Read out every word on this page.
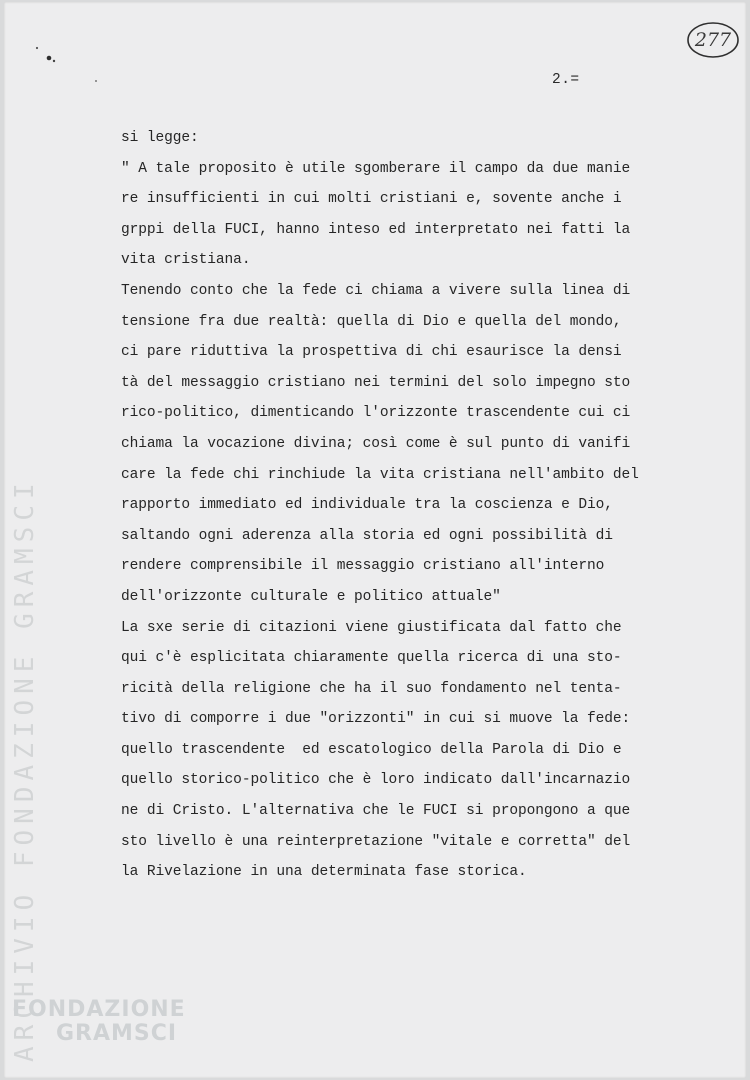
ARCHIVIO FONDAZIONE GRAMSCI
277
2.=
si legge:
" A tale proposito è utile sgomberare il campo da due manie
re insufficienti in cui molti cristiani e, sovente anche i
grppi della FUCI, hanno inteso ed interpretato nei fatti la
vita cristiana.
Tenendo conto che la fede ci chiama a vivere sulla linea di
tensione fra due realtà: quella di Dio e quella del mondo,
ci pare riduttiva la prospettiva di chi esaurisce la densi
tà del messaggio cristiano nei termini del solo impegno sto
rico-politico, dimenticando l'orizzonte trascendente cui ci
chiama la vocazione divina; così come è sul punto di vanifi
care la fede chi rinchiude la vita cristiana nell'ambito del
rapporto immediato ed individuale tra la coscienza e Dio,
saltando ogni aderenza alla storia ed ogni possibilità di
rendere comprensibile il messaggio cristiano all'interno
dell'orizzonte culturale e politico attuale"
La sxe serie di citazioni viene giustificata dal fatto che
qui c'è esplicitata chiaramente quella ricerca di una sto-
ricità della religione che ha il suo fondamento nel tenta-
tivo di comporre i due "orizzonti" in cui si muove la fede:
quello trascendente  ed escatologico della Parola di Dio e
quello storico-politico che è loro indicato dall'incarnazio
ne di Cristo. L'alternativa che le FUCI si propongono a que
sto livello è una reinterpretazione "vitale e corretta" del
la Rivelazione in una determinata fase storica.
FONDAZIONE
GRAMSCI
